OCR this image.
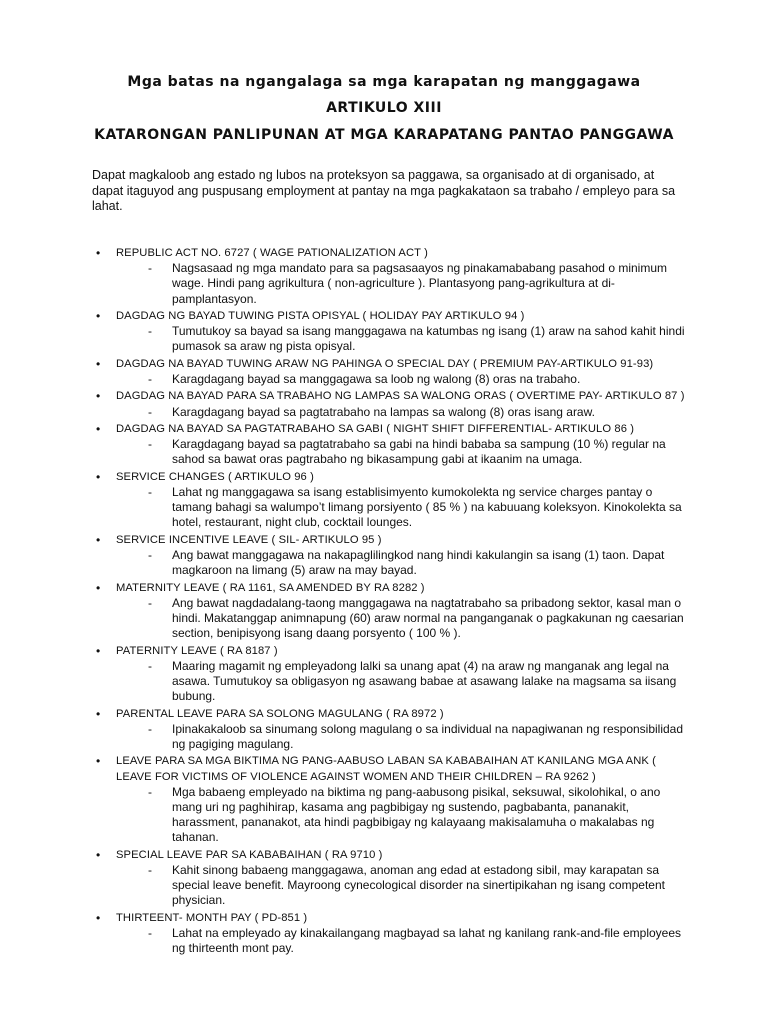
Mga batas na ngangalaga sa mga karapatan ng manggagawa
ARTIKULO XIII
KATARONGAN PANLIPUNAN AT MGA KARAPATANG PANTAO PANGGAWA
Dapat magkaloob ang estado ng lubos na proteksyon sa paggawa, sa organisado at di organisado, at dapat itaguyod ang puspusang employment at pantay na mga pagkakataon sa trabaho / empleyo para sa lahat.
• REPUBLIC ACT NO. 6727 ( WAGE PATIONALIZATION ACT )
- Nagsasaad ng mga mandato para sa pagsasaayos ng pinakamababang pasahod o minimum wage. Hindi pang agrikultura ( non-agriculture ). Plantasyong pang-agrikultura at di-pamplantasyon.
• DAGDAG NG BAYAD TUWING PISTA OPISYAL ( HOLIDAY PAY ARTIKULO 94 )
- Tumutukoy sa bayad sa isang manggagawa na katumbas ng isang (1) araw na sahod kahit hindi pumasok sa araw ng pista opisyal.
• DAGDAG NA BAYAD TUWING ARAW NG PAHINGA O SPECIAL DAY ( PREMIUM PAY-ARTIKULO 91-93)
- Karagdagang bayad sa manggagawa sa loob ng walong (8) oras na trabaho.
• DAGDAG NA BAYAD PARA SA TRABAHO NG LAMPAS SA WALONG ORAS ( OVERTIME PAY- ARTIKULO 87 )
- Karagdagang bayad sa pagtatrabaho na lampas sa walong (8) oras isang araw.
• DAGDAG NA BAYAD SA PAGTATRABAHO SA GABI ( NIGHT SHIFT DIFFERENTIAL- ARTIKULO 86 )
- Karagdagang bayad sa pagtatrabaho sa gabi na hindi bababa sa sampung (10 %) regular na sahod sa bawat oras pagtrabaho ng bikasampung gabi at ikaanim na umaga.
• SERVICE CHANGES ( ARTIKULO 96 )
- Lahat ng manggagawa sa isang establisimyento kumokolekta ng service charges pantay o tamang bahagi sa walumpo’t limang porsiyento ( 85 % ) na kabuuang koleksyon. Kinokolekta sa hotel, restaurant, night club, cocktail lounges.
• SERVICE INCENTIVE LEAVE ( SIL- ARTIKULO 95 )
- Ang bawat manggagawa na nakapaglilingkod nang hindi kakulangin sa isang (1) taon. Dapat magkaroon na limang (5) araw na may bayad.
• MATERNITY LEAVE ( RA 1161, SA AMENDED BY RA 8282 )
- Ang bawat nagdadalang-taong manggagawa na nagtatrabaho sa pribadong sektor, kasal man o hindi. Makatanggap animnapung (60) araw normal na panganganak o pagkakunan ng caesarian section, benipisyong isang daang porsyento ( 100 % ).
• PATERNITY LEAVE ( RA 8187 )
- Maaring magamit ng empleyadong lalki sa unang apat (4) na araw ng manganak ang legal na asawa. Tumutukoy sa obligasyon ng asawang babae at asawang lalake na magsama sa iisang bubung.
• PARENTAL LEAVE PARA SA SOLONG MAGULANG ( RA 8972 )
- Ipinakakaloob sa sinumang solong magulang o sa individual na napagiwanan ng responsibilidad ng pagiging magulang.
• LEAVE PARA SA MGA BIKTIMA NG PANG-AABUSO LABAN SA KABABAIHAN AT KANILANG MGA ANK ( LEAVE FOR VICTIMS OF VIOLENCE AGAINST WOMEN AND THEIR CHILDREN – RA 9262 )
- Mga babaeng empleyado na biktima ng pang-aabusong pisikal, seksuwal, sikolohikal, o ano mang uri ng paghihirap, kasama ang pagbibigay ng sustendo, pagbabanta, pananakit, harassment, pananakot, ata hindi pagbibigay ng kalayaang makisalamuha o makalabas ng tahanan.
• SPECIAL LEAVE PAR SA KABABAIHAN ( RA 9710 )
- Kahit sinong babaeng manggagawa, anoman ang edad at estadong sibil, may karapatan sa special leave benefit. Mayroong cynecological disorder na sinertipikahan ng isang competent physician.
• THIRTEENT- MONTH PAY ( PD-851 )
- Lahat na empleyado ay kinakailangang magbayad sa lahat ng kanilang rank-and-file employees ng thirteenth mont pay.
